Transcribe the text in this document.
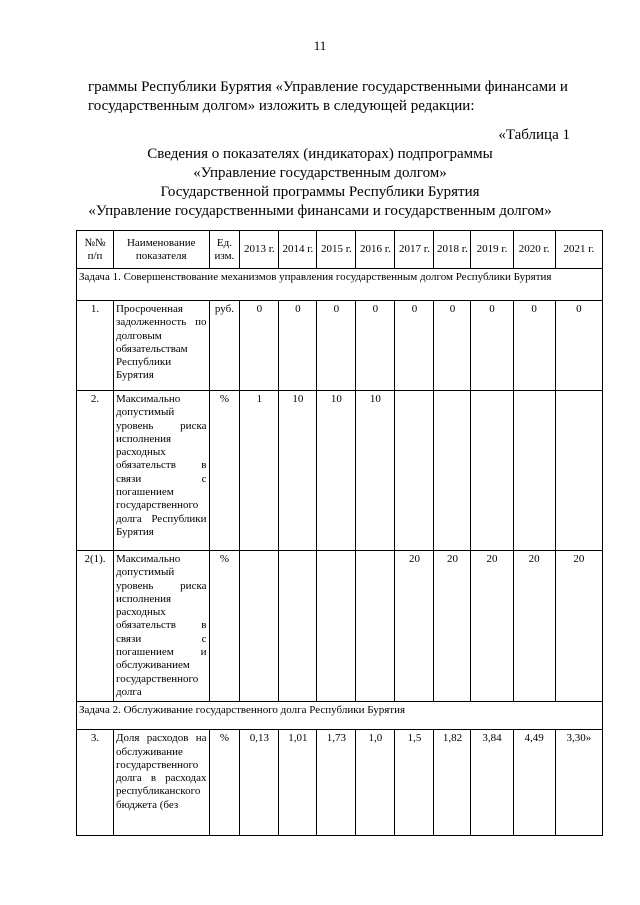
11
граммы Республики Бурятия «Управление государственными финансами и государственным долгом» изложить в следующей редакции:
«Таблица 1
Сведения о показателях (индикаторах) подпрограммы
«Управление государственным долгом»
Государственной программы Республики Бурятия
«Управление государственными финансами и государственным долгом»
№№ п/п	Наименование показателя	Ед. изм.	2013 г.	2014 г.	2015 г.	2016 г.	2017 г.	2018 г.	2019 г.	2020 г.	2021 г.
Задача 1. Совершенствование механизмов управления государственным долгом Республики Бурятия											
1.	Просроченная задолженность по долговым обязательствам Республики Бурятия	руб.	0	0	0	0	0	0	0	0	0
2.	Максимально допустимый уровень риска исполнения расходных обязательств в связи с погашением государственного долга Республики Бурятия	%	1	10	10	10					
2(1).	Максимально допустимый уровень риска исполнения расходных обязательств в связи с погашением и обслуживанием государственного долга	%					20	20	20	20	20
Задача 2. Обслуживание государственного долга Республики Бурятия											
3.	Доля расходов на обслуживание государственного долга в расходах республиканского бюджета (без	%	0,13	1,01	1,73	1,0	1,5	1,82	3,84	4,49	3,30»
